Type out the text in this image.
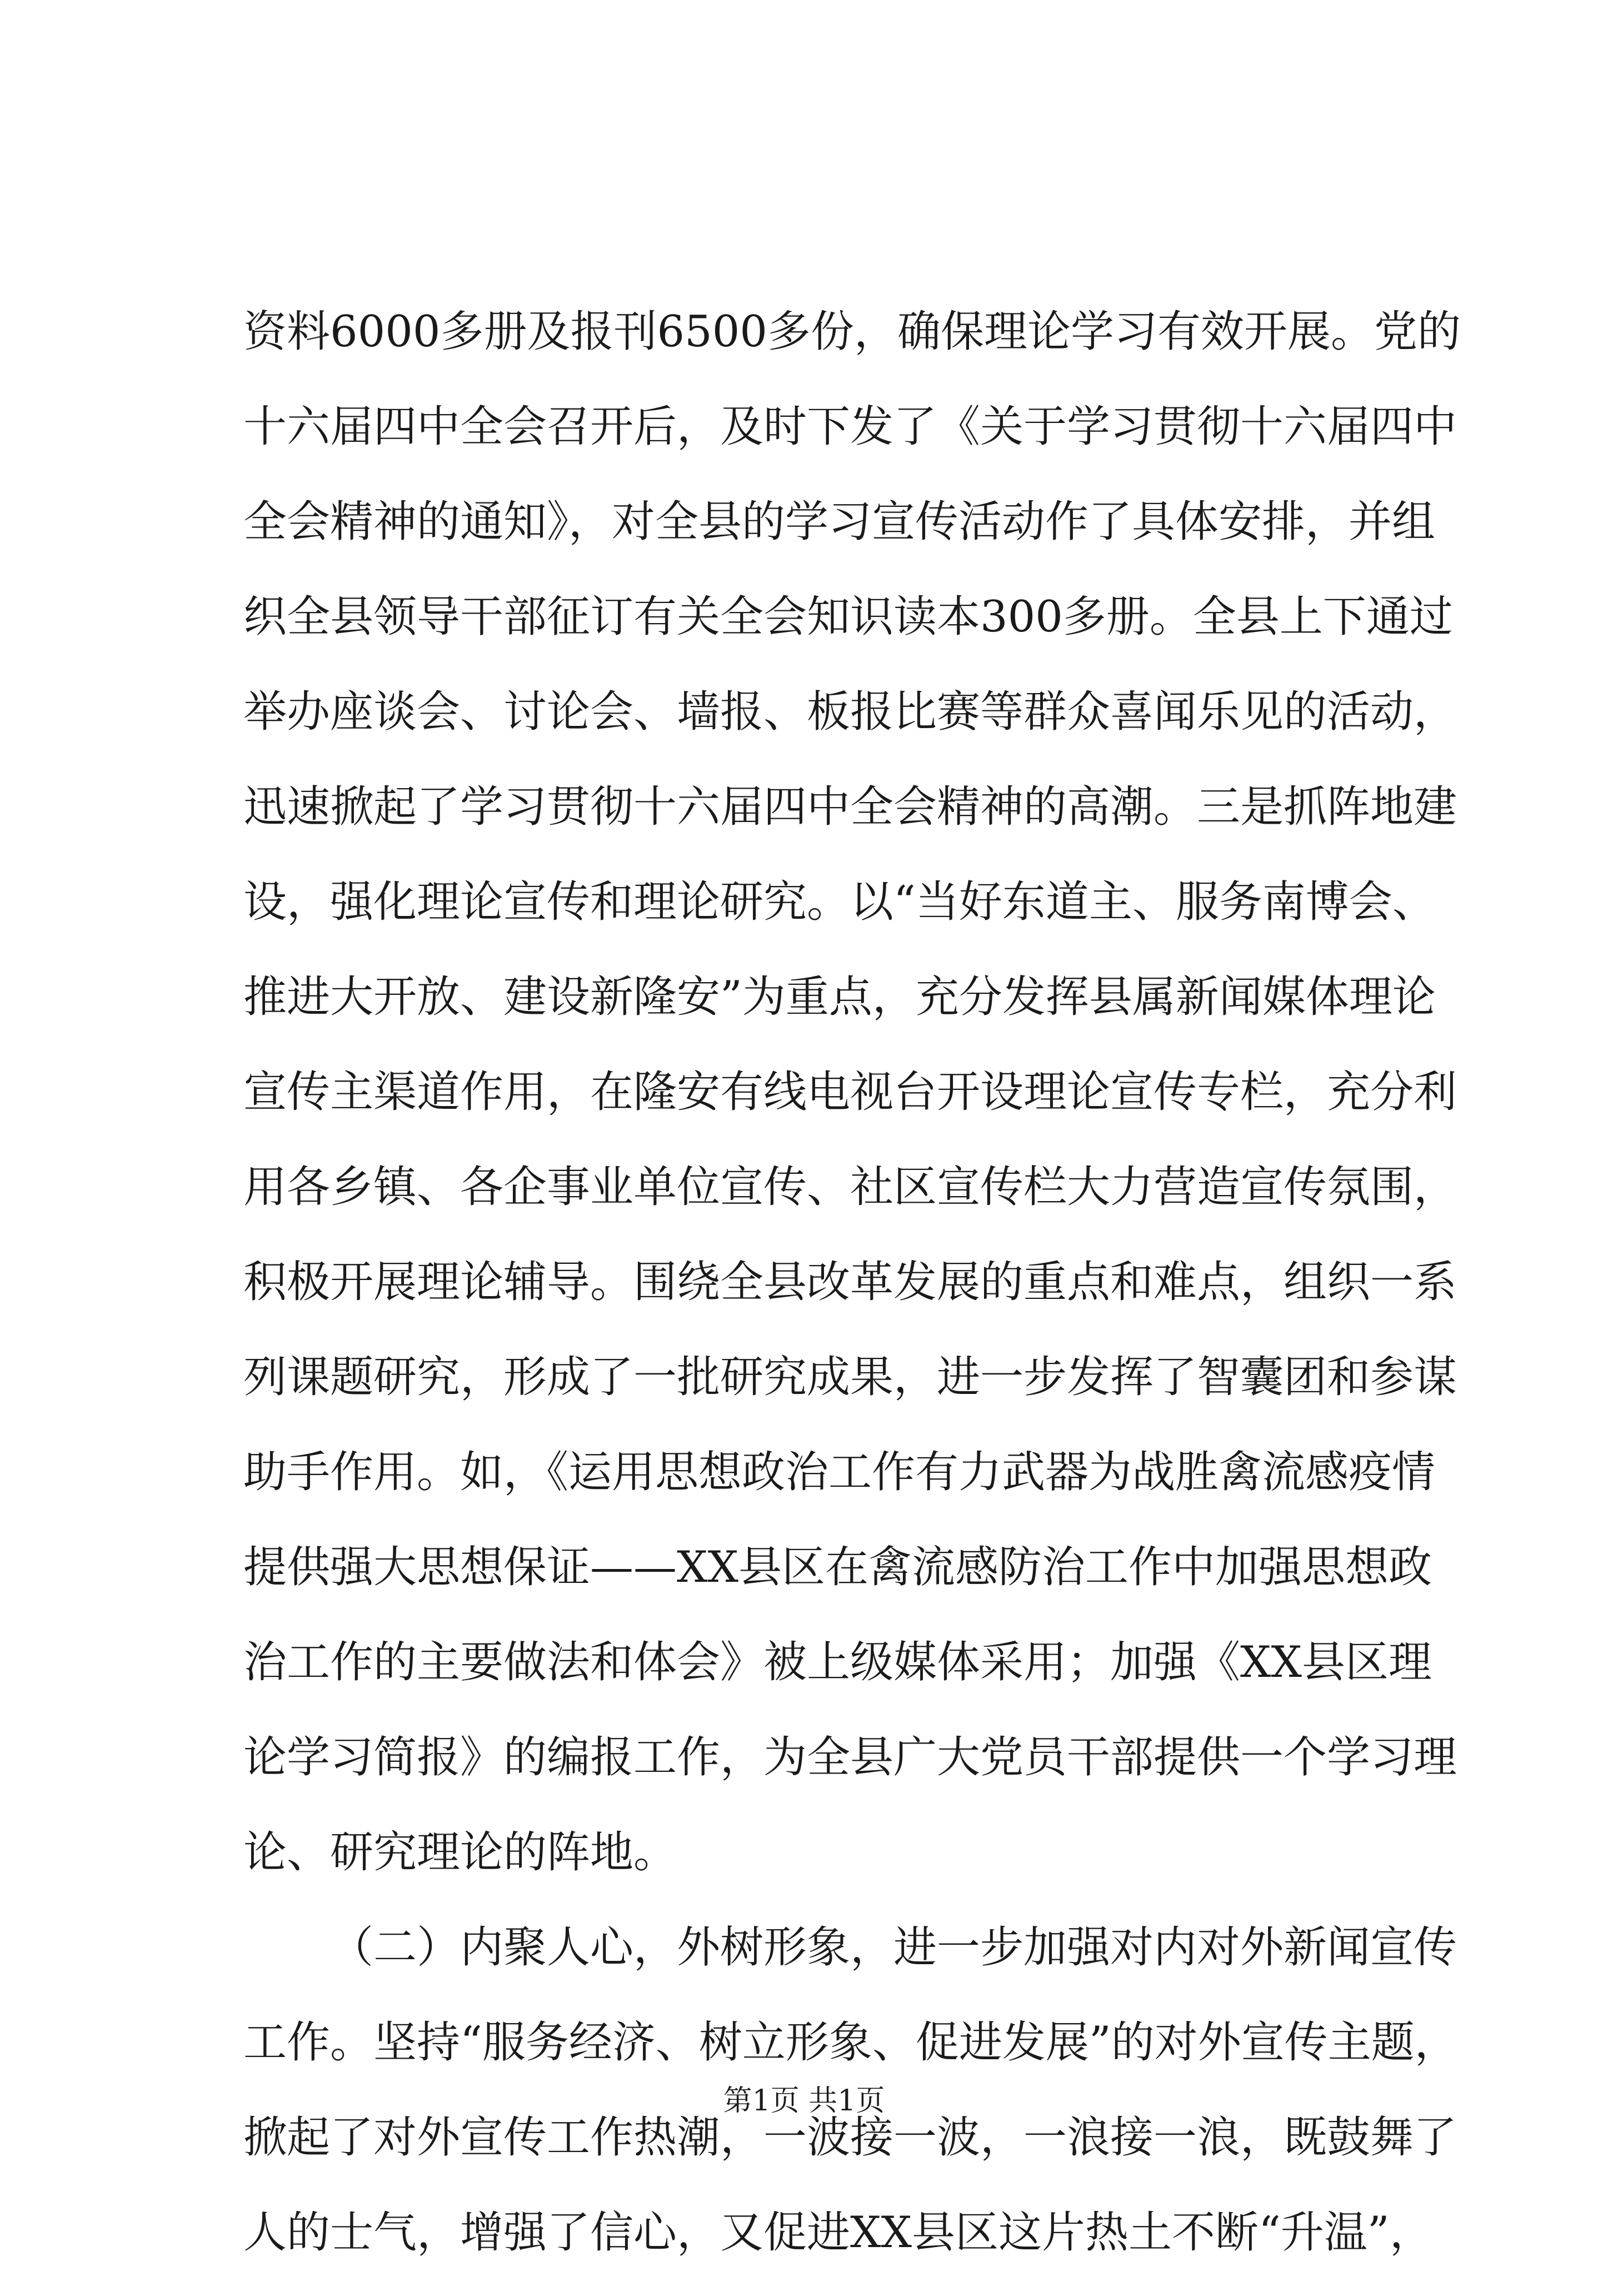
资料6000多册及报刊6500多份，确保理论学习有效开展。党的
十六届四中全会召开后，及时下发了《关于学习贯彻十六届四中
全会精神的通知》，对全县的学习宣传活动作了具体安排，并组
织全县领导干部征订有关全会知识读本300多册。全县上下通过
举办座谈会、讨论会、墙报、板报比赛等群众喜闻乐见的活动，
迅速掀起了学习贯彻十六届四中全会精神的高潮。三是抓阵地建
设，强化理论宣传和理论研究。以“当好东道主、服务南博会、
推进大开放、建设新隆安”为重点，充分发挥县属新闻媒体理论
宣传主渠道作用，在隆安有线电视台开设理论宣传专栏，充分利
用各乡镇、各企事业单位宣传、社区宣传栏大力营造宣传氛围，
积极开展理论辅导。围绕全县改革发展的重点和难点，组织一系
列课题研究，形成了一批研究成果，进一步发挥了智囊团和参谋
助手作用。如，《运用思想政治工作有力武器为战胜禽流感疫情
提供强大思想保证——XX县区在禽流感防治工作中加强思想政
治工作的主要做法和体会》被上级媒体采用；加强《XX县区理
论学习简报》的编报工作，为全县广大党员干部提供一个学习理
论、研究理论的阵地。
（二）内聚人心，外树形象，进一步加强对内对外新闻宣传
工作。坚持“服务经济、树立形象、促进发展”的对外宣传主题，
掀起了对外宣传工作热潮，一波接一波，一浪接一浪，既鼓舞了
人的士气，增强了信心，又促进XX县区这片热土不断“升温”，
第1页 共1页
